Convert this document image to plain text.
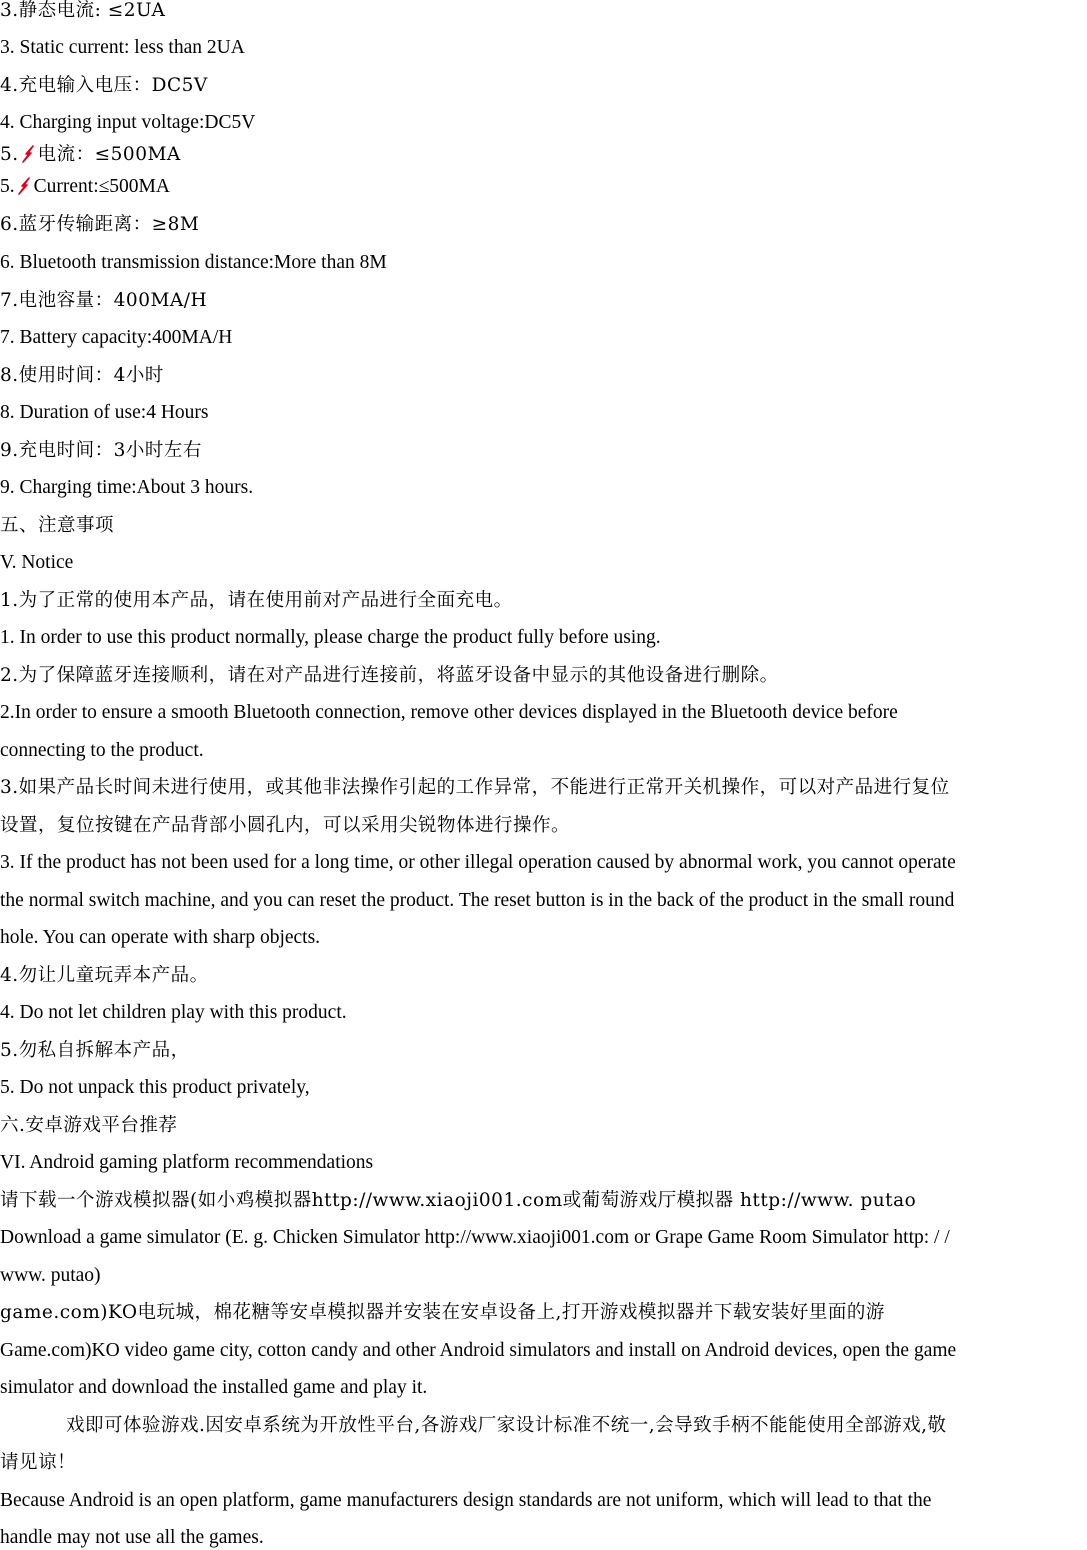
3.静态电流: ≤2UA
3. Static current: less than 2UA
4.充电输入电压：DC5V
4. Charging input voltage:DC5V
5. 电流：≤500MA
5. Current:≤500MA
6.蓝牙传输距离：≥8M
6. Bluetooth transmission distance:More than 8M
7.电池容量：400MA/H
7. Battery capacity:400MA/H
8.使用时间：4小时
8. Duration of use:4 Hours
9.充电时间：3小时左右
9. Charging time:About 3 hours.
五、注意事项
V. Notice
1.为了正常的使用本产品，请在使用前对产品进行全面充电。
1. In order to use this product normally, please charge the product fully before using.
2.为了保障蓝牙连接顺利，请在对产品进行连接前，将蓝牙设备中显示的其他设备进行删除。
2.In order to ensure a smooth Bluetooth connection, remove other devices displayed in the Bluetooth device before
connecting to the product.
3.如果产品长时间未进行使用，或其他非法操作引起的工作异常，不能进行正常开关机操作，可以对产品进行复位
设置，复位按键在产品背部小圆孔内，可以采用尖锐物体进行操作。
3. If the product has not been used for a long time, or other illegal operation caused by abnormal work, you cannot operate
the normal switch machine, and you can reset the product. The reset button is in the back of the product in the small round
hole. You can operate with sharp objects.
4.勿让儿童玩弄本产品。
4. Do not let children play with this product.
5.勿私自拆解本产品，
5. Do not unpack this product privately,
六.安卓游戏平台推荐
VI. Android gaming platform recommendations
请下载一个游戏模拟器(如小鸡模拟器http://www.xiaoji001.com或葡萄游戏厅模拟器 http://www. putao
Download a game simulator (E. g. Chicken Simulator http://www.xiaoji001.com or Grape Game Room Simulator http: / /
www. putao)
game.com)KO电玩城，棉花糖等安卓模拟器并安装在安卓设备上,打开游戏模拟器并下载安装好里面的游
Game.com)KO video game city, cotton candy and other Android simulators and install on Android devices, open the game
simulator and download the installed game and play it.
戏即可体验游戏.因安卓系统为开放性平台,各游戏厂家设计标准不统一,会导致手柄不能能使用全部游戏,敬
请见谅！
Because Android is an open platform, game manufacturers design standards are not uniform, which will lead to that the
handle may not use all the games.
